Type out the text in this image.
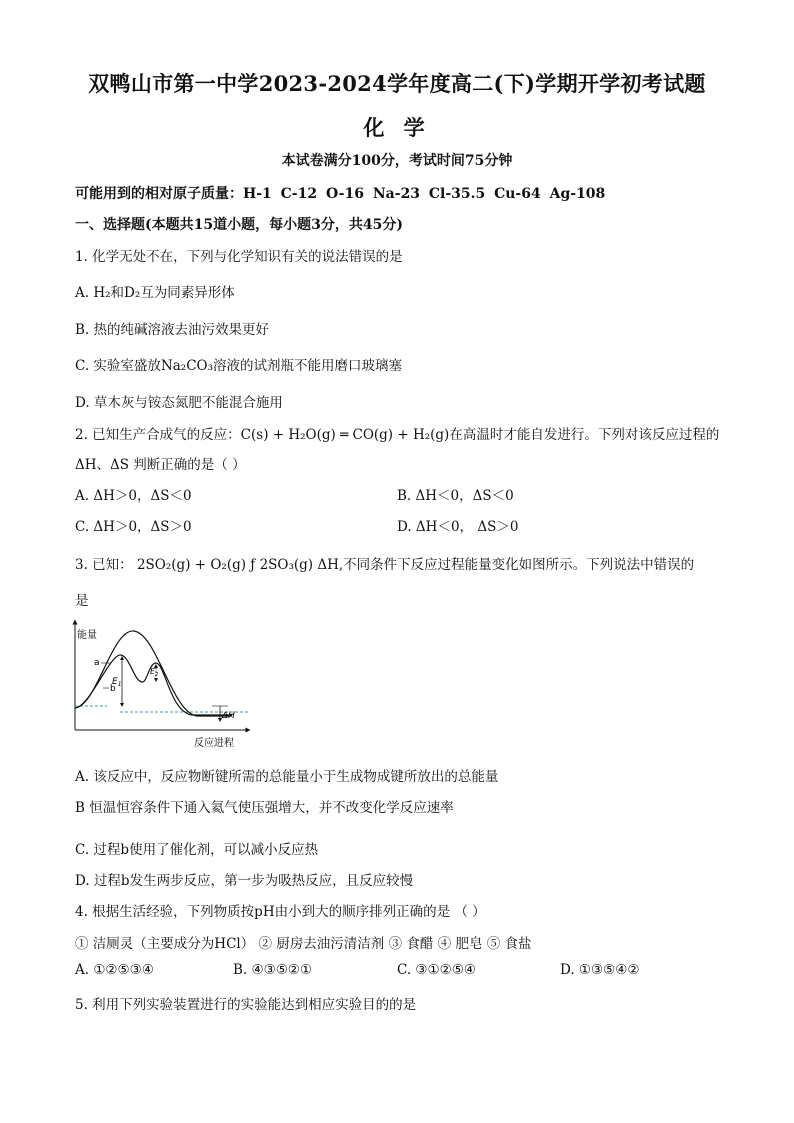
双鸭山市第一中学2023-2024学年度高二(下)学期开学初考试题
化 学
本试卷满分100分，考试时间75分钟
可能用到的相对原子质量：H-1 C-12 O-16 Na-23 Cl-35.5 Cu-64 Ag-108
一、选择题(本题共15道小题，每小题3分，共45分)
1. 化学无处不在，下列与化学知识有关的说法错误的是
A. H₂和D₂互为同素异形体
B. 热的纯碱溶液去油污效果更好
C. 实验室盛放Na₂CO₃溶液的试剂瓶不能用磨口玻璃塞
D. 草木灰与铵态氮肥不能混合施用
2. 已知生产合成气的反应：C(s) + H₂O(g) ═ CO(g) + H₂(g)在高温时才能自发进行。下列对该反应过程的
ΔH、ΔS 判断正确的是（ ）
A. ΔH＞0，ΔS＜0	B. ΔH＜0，ΔS＜0
C. ΔH＞0，ΔS＞0	D. ΔH＜0， ΔS＞0
3. 已知： 2SO₂(g) + O₂(g) ƒ 2SO₃(g) ΔH,不同条件下反应过程能量变化如图所示。下列说法中错误的
是
能量
a
b
$E_1$
$E_2$
ΔH
反应进程
A. 该反应中，反应物断键所需的总能量小于生成物成键所放出的总能量
B 恒温恒容条件下通入氦气使压强增大，并不改变化学反应速率
C. 过程b使用了催化剂，可以减小反应热
D. 过程b发生两步反应，第一步为吸热反应，且反应较慢
4. 根据生活经验，下列物质按pH由小到大的顺序排列正确的是 （ ）
① 洁厕灵（主要成分为HCl） ② 厨房去油污清洁剂 ③ 食醋 ④ 肥皂 ⑤ 食盐
A. ①②⑤③④	B. ④③⑤②①	C. ③①②⑤④	D. ①③⑤④②
5. 利用下列实验装置进行的实验能达到相应实验目的的是
